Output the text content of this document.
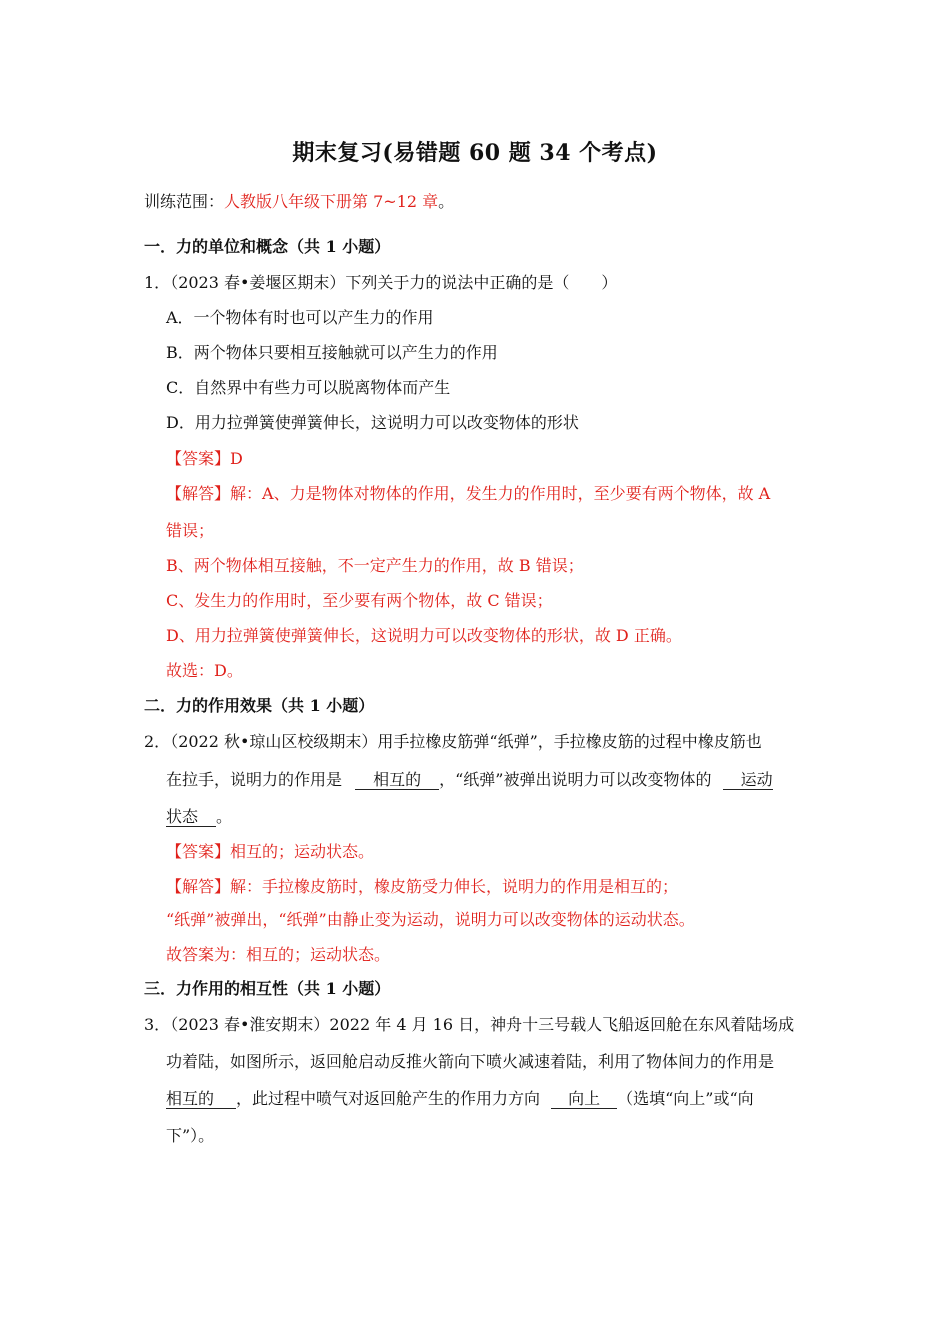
期末复习(易错题 60 题 34 个考点)
训练范围：人教版八年级下册第 7~12 章。
一．力的单位和概念（共 1 小题）
1．（2023 春•姜堰区期末）下列关于力的说法中正确的是（　　）
A．一个物体有时也可以产生力的作用
B．两个物体只要相互接触就可以产生力的作用
C．自然界中有些力可以脱离物体而产生
D．用力拉弹簧使弹簧伸长，这说明力可以改变物体的形状
【答案】D
【解答】解：A、力是物体对物体的作用，发生力的作用时，至少要有两个物体，故 A
错误；
B、两个物体相互接触，不一定产生力的作用，故 B 错误；
C、发生力的作用时，至少要有两个物体，故 C 错误；
D、用力拉弹簧使弹簧伸长，这说明力可以改变物体的形状，故 D 正确。
故选：D。
二．力的作用效果（共 1 小题）
2．（2022 秋•琼山区校级期末）用手拉橡皮筋弹“纸弹”，手拉橡皮筋的过程中橡皮筋也
在拉手，说明力的作用是 相互的 ，“纸弹”被弹出说明力可以改变物体的 运动
状态 。
【答案】相互的；运动状态。
【解答】解：手拉橡皮筋时，橡皮筋受力伸长，说明力的作用是相互的；
“纸弹”被弹出，“纸弹”由静止变为运动，说明力可以改变物体的运动状态。
故答案为：相互的；运动状态。
三．力作用的相互性（共 1 小题）
3．（2023 春•淮安期末）2022 年 4 月 16 日，神舟十三号载人飞船返回舱在东风着陆场成
功着陆，如图所示，返回舱启动反推火箭向下喷火减速着陆，利用了物体间力的作用是
相互的 ，此过程中喷气对返回舱产生的作用力方向 向上 （选填“向上”或“向
下”）。
